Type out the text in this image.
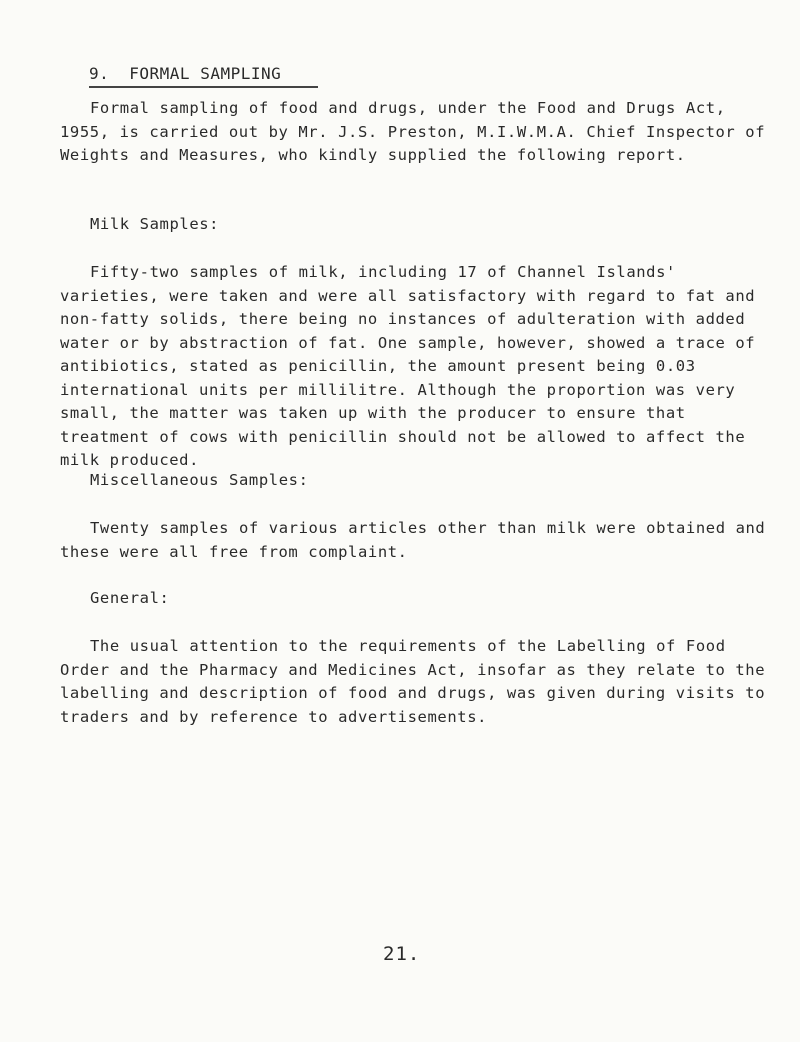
9. FORMAL SAMPLING

Formal sampling of food and drugs, under the Food and Drugs Act, 1955, is carried out by Mr. J.S. Preston, M.I.W.M.A. Chief Inspector of Weights and Measures, who kindly supplied the following report.

Milk Samples:

Fifty-two samples of milk, including 17 of Channel Islands' varieties, were taken and were all satisfactory with regard to fat and non-fatty solids, there being no instances of adulteration with added water or by abstraction of fat. One sample, however, showed a trace of antibiotics, stated as penicillin, the amount present being 0.03 international units per millilitre. Although the proportion was very small, the matter was taken up with the producer to ensure that treatment of cows with penicillin should not be allowed to affect the milk produced.

Miscellaneous Samples:

Twenty samples of various articles other than milk were obtained and these were all free from complaint.

General:

The usual attention to the requirements of the Labelling of Food Order and the Pharmacy and Medicines Act, insofar as they relate to the labelling and description of food and drugs, was given during visits to traders and by reference to advertisements.

21.
